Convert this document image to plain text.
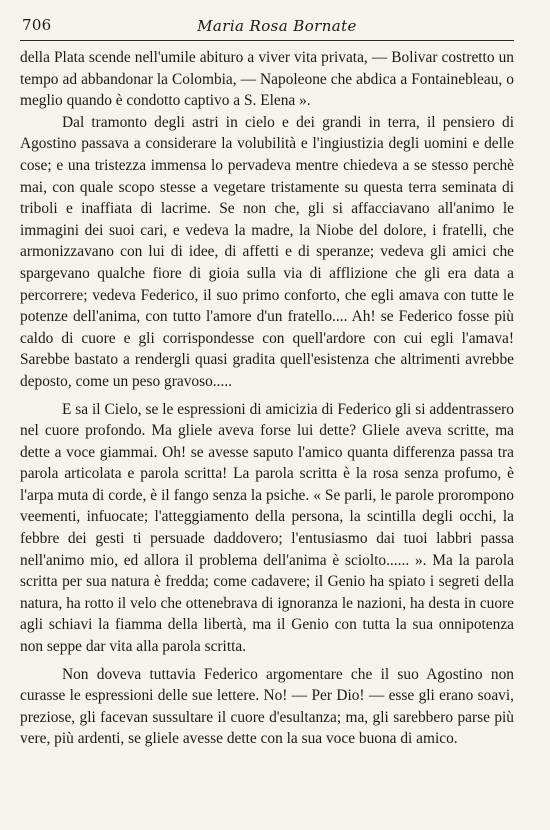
706	Maria Rosa Bornate

della Plata scende nell'umile abituro a viver vita privata, — Bolivar costretto un tempo ad abbandonar la Colombia, — Napoleone che abdica a Fontainebleau, o meglio quando è condotto captivo a S. Elena ».

Dal tramonto degli astri in cielo e dei grandi in terra, il pensiero di Agostino passava a considerare la volubilità e l'ingiustizia degli uomini e delle cose; e una tristezza immensa lo pervadeva mentre chiedeva a se stesso perchè mai, con quale scopo stesse a vegetare tristamente su questa terra seminata di triboli e inaffiata di lacrime. Se non che, gli si affacciavano all'animo le immagini dei suoi cari, e vedeva la madre, la Niobe del dolore, i fratelli, che armonizzavano con lui di idee, di affetti e di speranze; vedeva gli amici che spargevano qualche fiore di gioia sulla via di afflizione che gli era data a percorrere; vedeva Federico, il suo primo conforto, che egli amava con tutte le potenze dell'anima, con tutto l'amore d'un fratello.... Ah! se Federico fosse più caldo di cuore e gli corrispondesse con quell'ardore con cui egli l'amava! Sarebbe bastato a rendergli quasi gradita quell'esistenza che altrimenti avrebbe deposto, come un peso gravoso.....

E sa il Cielo, se le espressioni di amicizia di Federico gli si addentrassero nel cuore profondo. Ma gliele aveva forse lui dette? Gliele aveva scritte, ma dette a voce giammai. Oh! se avesse saputo l'amico quanta differenza passa tra parola articolata e parola scritta! La parola scritta è la rosa senza profumo, è l'arpa muta di corde, è il fango senza la psiche. « Se parli, le parole prorompono veementi, infuocate; l'atteggiamento della persona, la scintilla degli occhi, la febbre dei gesti ti persuade daddovero; l'entusiasmo dai tuoi labbri passa nell'animo mio, ed allora il problema dell'anima è sciolto...... ». Ma la parola scritta per sua natura è fredda; come cadavere; il Genio ha spiato i segreti della natura, ha rotto il velo che ottenebrava di ignoranza le nazioni, ha desta in cuore agli schiavi la fiamma della libertà, ma il Genio con tutta la sua onnipotenza non seppe dar vita alla parola scritta.

Non doveva tuttavia Federico argomentare che il suo Agostino non curasse le espressioni delle sue lettere. No! — Per Dio! — esse gli erano soavi, preziose, gli facevan sussultare il cuore d'esultanza; ma, gli sarebbero parse più vere, più ardenti, se gliele avesse dette con la sua voce buona di amico.
